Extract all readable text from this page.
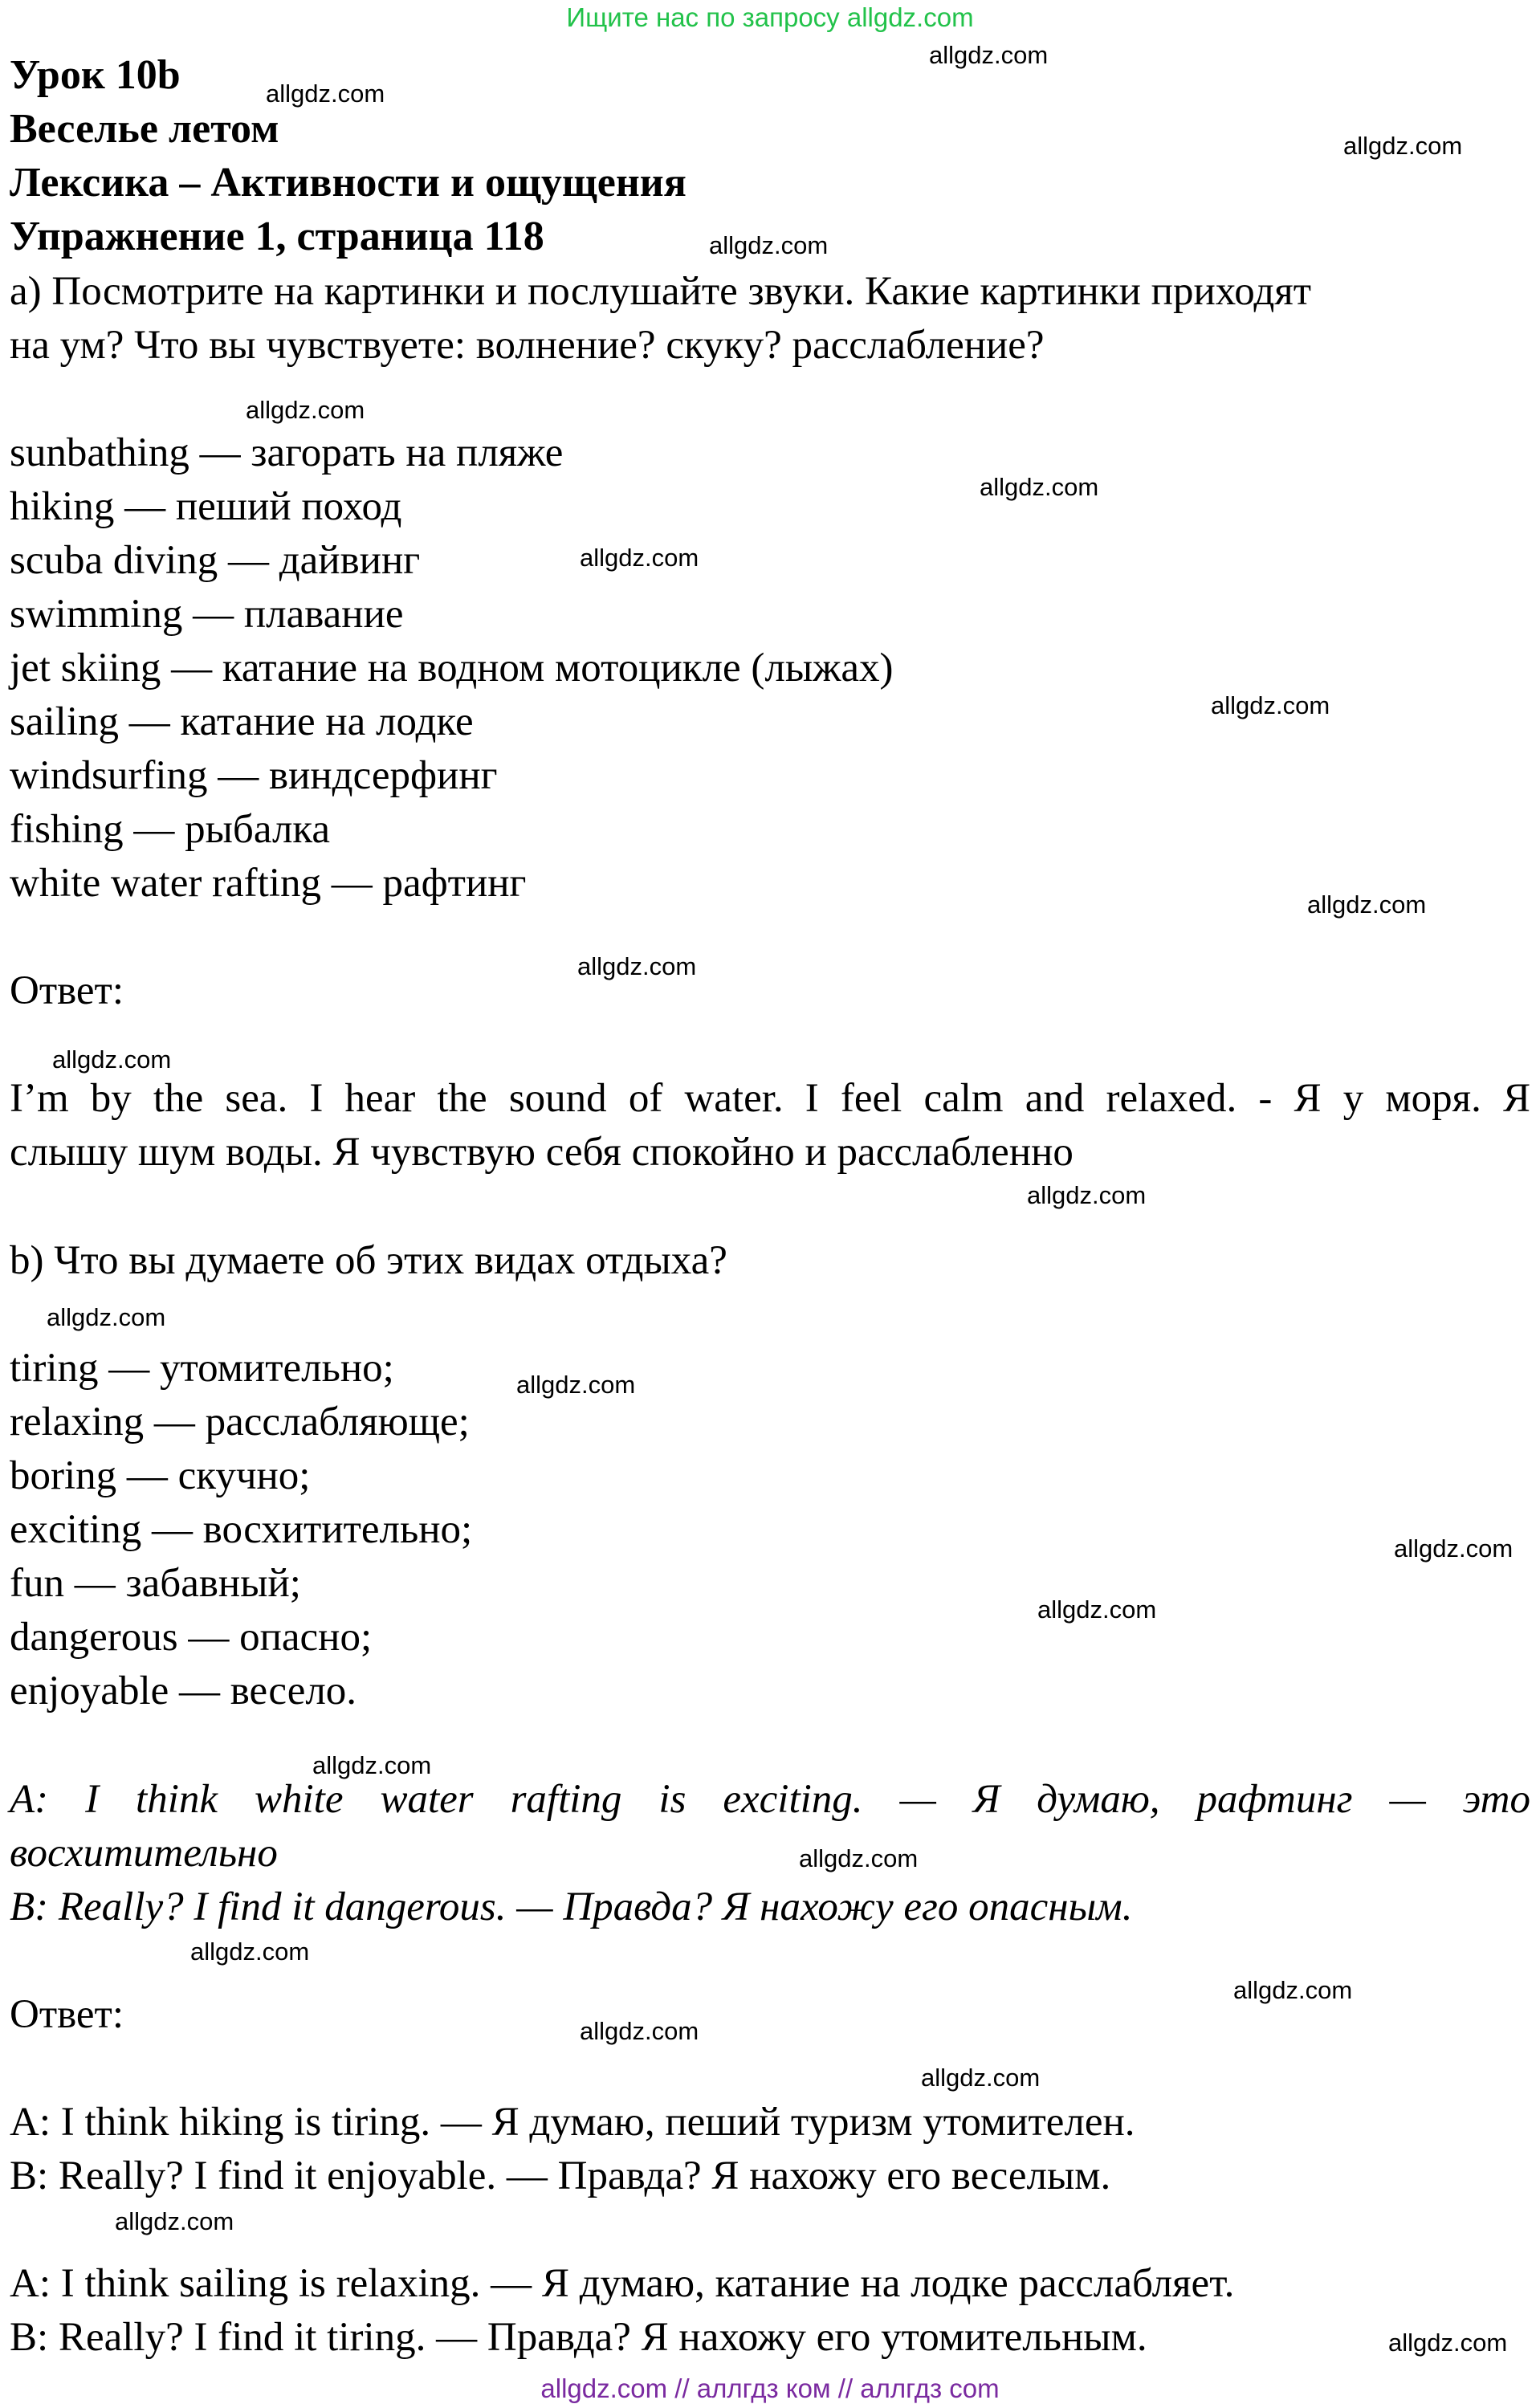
Ищите нас по запросу allgdz.com
Урок 10b
Веселье летом
Лексика – Активности и ощущения
Упражнение 1, страница 118
a) Посмотрите на картинки и послушайте звуки. Какие картинки приходят
на ум? Что вы чувствуете: волнение? скуку? расслабление?
sunbathing — загорать на пляже
hiking — пеший поход
scuba diving — дайвинг
swimming — плавание
jet skiing — катание на водном мотоцикле (лыжах)
sailing — катание на лодке
windsurfing — виндсерфинг
fishing — рыбалка
white water rafting — рафтинг
Ответ:
I’m by the sea. I hear the sound of water. I feel calm and relaxed. - Я у моря. Я
слышу шум воды. Я чувствую себя спокойно и расслабленно
b) Что вы думаете об этих видах отдыха?
tiring — утомительно;
relaxing — расслабляюще;
boring — скучно;
exciting — восхитительно;
fun — забавный;
dangerous — опасно;
enjoyable — весело.
A: I think white water rafting is exciting. — Я думаю, рафтинг — это
восхитительно
B: Really? I find it dangerous. — Правда? Я нахожу его опасным.
Ответ:
A: I think hiking is tiring. — Я думаю, пеший туризм утомителен.
B: Really? I find it enjoyable. — Правда? Я нахожу его веселым.
A: I think sailing is relaxing. — Я думаю, катание на лодке расслабляет.
B: Really? I find it tiring. — Правда? Я нахожу его утомительным.
allgdz.com
allgdz.com
allgdz.com
allgdz.com
allgdz.com
allgdz.com
allgdz.com
allgdz.com
allgdz.com
allgdz.com
allgdz.com
allgdz.com
allgdz.com
allgdz.com
allgdz.com
allgdz.com
allgdz.com
allgdz.com
allgdz.com
allgdz.com
allgdz.com
allgdz.com
allgdz.com
allgdz.com
allgdz.com // аллгдз ком // аллгдз com
